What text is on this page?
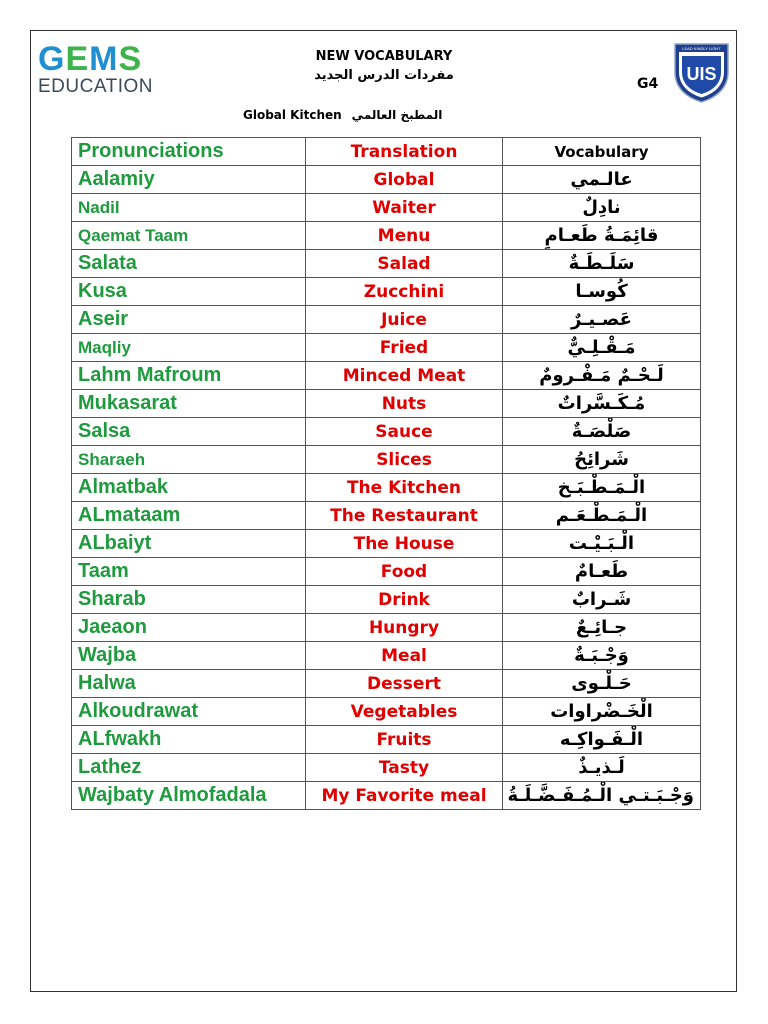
GEMS
EDUCATION
NEW VOCABULARY
مفردات الدرس الجديد
G4
LEAD KINDLY LIGHT
UIS
Global Kitchen المطبخ العالمي
Pronunciations	Translation	Vocabulary
Aalamiy	Global	عالـمي
Nadil	Waiter	نادِلٌ
Qaemat Taam	Menu	قائِمَـةُ طَعـامٍ
Salata	Salad	سَلَـطَـةٌ
Kusa	Zucchini	كُوسـا
Aseir	Juice	عَصـيـرٌ
Maqliy	Fried	مَـقْـلِـيٌّ
Lahm Mafroum	Minced Meat	لَـحْـمٌ مَـفْـرومٌ
Mukasarat	Nuts	مُـكَـسَّراتٌ
Salsa	Sauce	صَلْصَـةٌ
Sharaeh	Slices	شَرائِحُ
Almatbak	The Kitchen	الْـمَـطْـبَـخ
ALmataam	The Restaurant	الْـمَـطْـعَـم
ALbaiyt	The House	الْـبَـيْـت
Taam	Food	طَعـامٌ
Sharab	Drink	شَـرابٌ
Jaeaon	Hungry	جـائِـعٌ
Wajba	Meal	وَجْـبَـةٌ
Halwa	Dessert	حَـلْـوى
Alkoudrawat	Vegetables	الْخَـضْراوات
ALfwakh	Fruits	الْـفَـواكِـه
Lathez	Tasty	لَـذيـذٌ
Wajbaty Almofadala	My Favorite meal	وَجْـبَـتـي الْـمُـفَـضَّـلَـةُ
